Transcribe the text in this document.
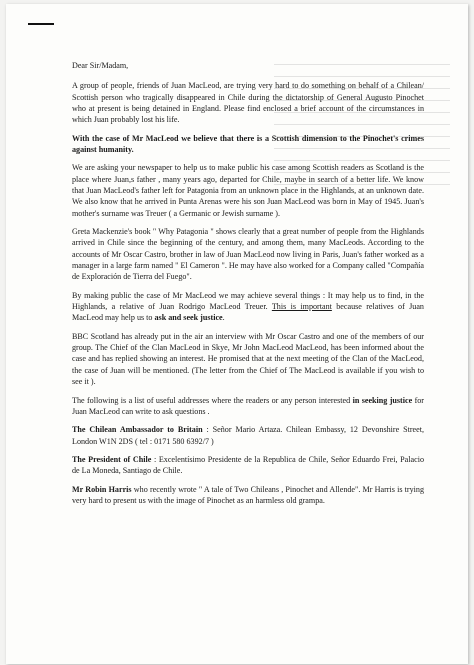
Dear Sir/Madam,

A group of people, friends of Juan MacLeod, are trying very hard to do something on behalf of a Chilean/ Scottish person who tragically disappeared in Chile during the dictatorship of General Augusto Pinochet who at present is being detained in England. Please find enclosed a brief account of the circumstances in which Juan probably lost his life.

With the case of Mr MacLeod we believe that there is a Scottish dimension to the Pinochet's crimes against humanity.

We are asking your newspaper to help us to make public his case among Scottish readers as Scotland is the place where Juan,s father , many years ago, departed for Chile, maybe in search of a better life. We know that Juan MacLeod's father left for Patagonia from an unknown place in the Highlands, at an unknown date. We also know that he arrived in Punta Arenas were his son Juan MacLeod was born in May of 1945. Juan's mother's surname was Treuer ( a Germanic or Jewish surname ).

Greta Mackenzie's book " Why Patagonia " shows clearly that a great number of people from the Highlands arrived in Chile since the beginning of the century, and among them, many MacLeods. According to the accounts of Mr Oscar Castro, brother in law of Juan MacLeod now living in Paris, Juan's father worked as a manager in a large farm named " El Cameron ". He may have also worked for a Company called "Compañía de Exploración de Tierra del Fuego".

By making public the case of Mr MacLeod we may achieve several things : It may help us to find, in the Highlands, a relative of Juan Rodrigo MacLeod Treuer. This is important because relatives of Juan MacLeod may help us to ask and seek justice.

BBC Scotland has already put in the air an interview with Mr Oscar Castro and one of the members of our group. The Chief of the Clan MacLeod in Skye, Mr John MacLeod MacLeod, has been informed about the case and has replied showing an interest. He promised that at the next meeting of the Clan of the MacLeod, the case of Juan will be mentioned. (The letter from the Chief of The MacLeod is available if you wish to see it ).

The following is a list of useful addresses where the readers or any person interested in seeking justice for Juan MacLeod can write to ask questions .

The Chilean Ambassador to Britain : Señor Mario Artaza. Chilean Embassy, 12 Devonshire Street, London W1N 2DS ( tel : 0171 580 6392/7 )

The President of Chile : Excelentísimo Presidente de la Republica de Chile, Señor Eduardo Frei, Palacio de La Moneda, Santiago de Chile.

Mr Robin Harris who recently wrote " A tale of Two Chileans , Pinochet and Allende". Mr Harris is trying very hard to present us with the image of Pinochet as an harmless old grampa.
